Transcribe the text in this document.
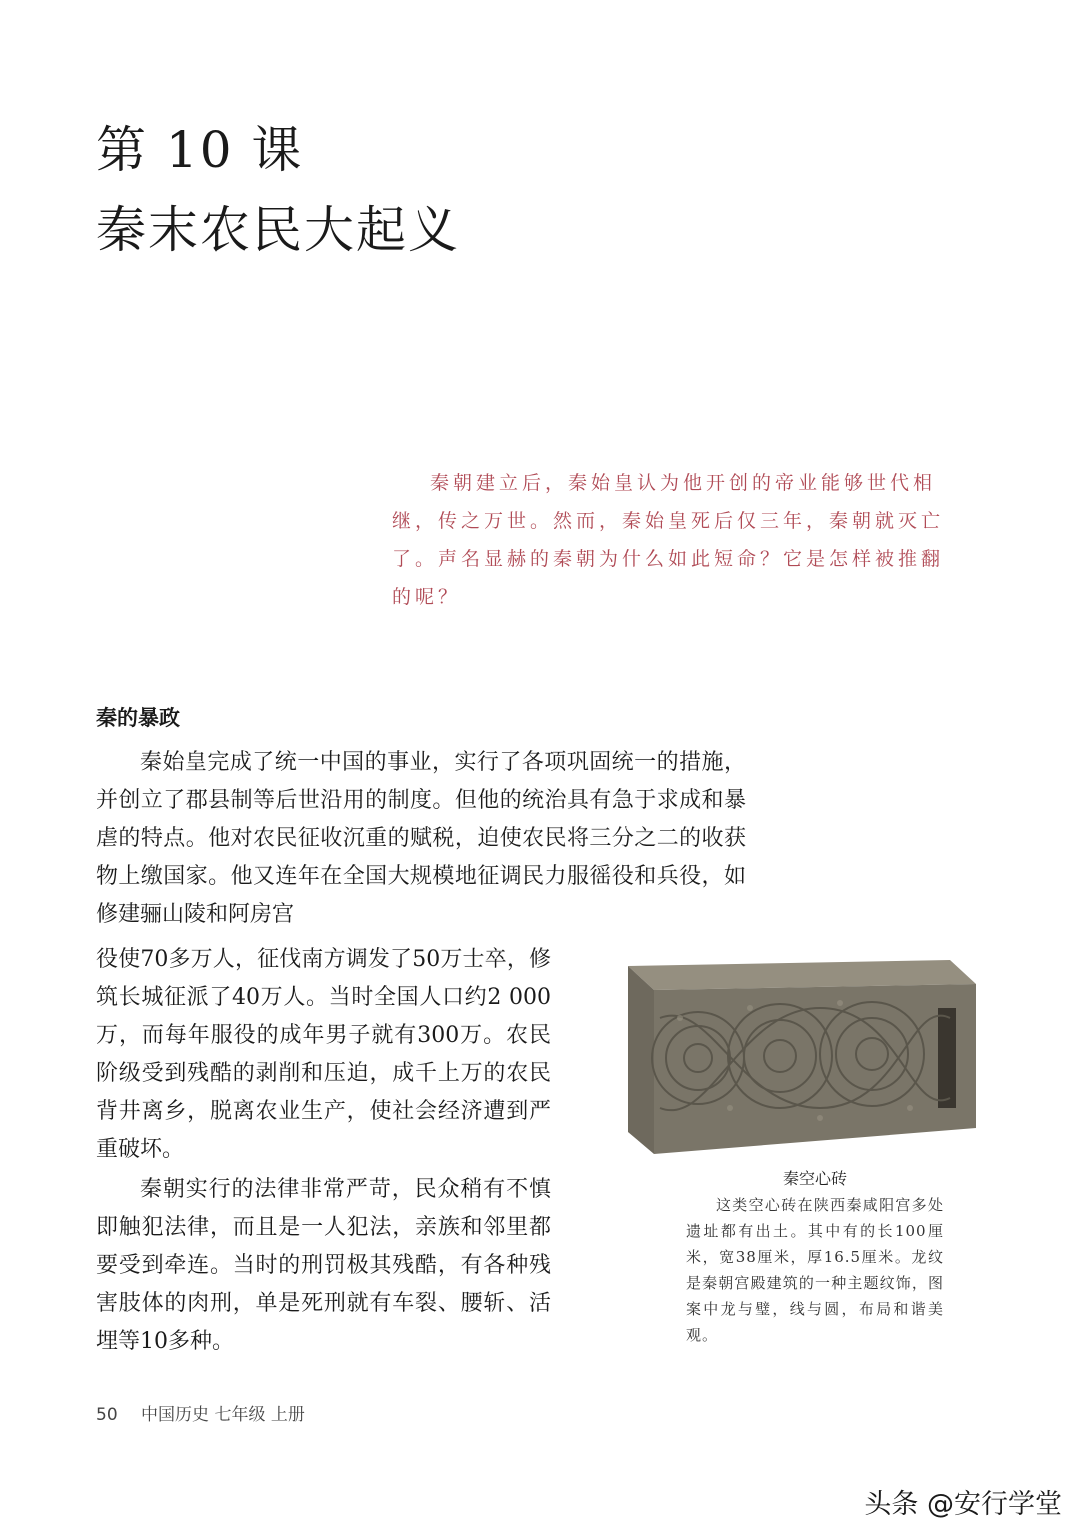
第 10 课
秦末农民大起义
秦朝建立后，秦始皇认为他开创的帝业能够世代相继，传之万世。然而，秦始皇死后仅三年，秦朝就灭亡了。声名显赫的秦朝为什么如此短命？它是怎样被推翻的呢？
秦的暴政
秦始皇完成了统一中国的事业，实行了各项巩固统一的措施，并创立了郡县制等后世沿用的制度。但他的统治具有急于求成和暴虐的特点。他对农民征收沉重的赋税，迫使农民将三分之二的收获物上缴国家。他又连年在全国大规模地征调民力服徭役和兵役，如修建骊山陵和阿房宫
役使70多万人，征伐南方调发了50万士卒，修筑长城征派了40万人。当时全国人口约2 000万，而每年服役的成年男子就有300万。农民阶级受到残酷的剥削和压迫，成千上万的农民背井离乡，脱离农业生产，使社会经济遭到严重破坏。
秦朝实行的法律非常严苛，民众稍有不慎即触犯法律，而且是一人犯法，亲族和邻里都要受到牵连。当时的刑罚极其残酷，有各种残害肢体的肉刑，单是死刑就有车裂、腰斩、活埋等10多种。
秦空心砖
这类空心砖在陕西秦咸阳宫多处遗址都有出土。其中有的长100厘米，宽38厘米，厚16.5厘米。龙纹是秦朝宫殿建筑的一种主题纹饰，图案中龙与璧，线与圆，布局和谐美观。
50 中国历史 七年级 上册
头条 @安行学堂
